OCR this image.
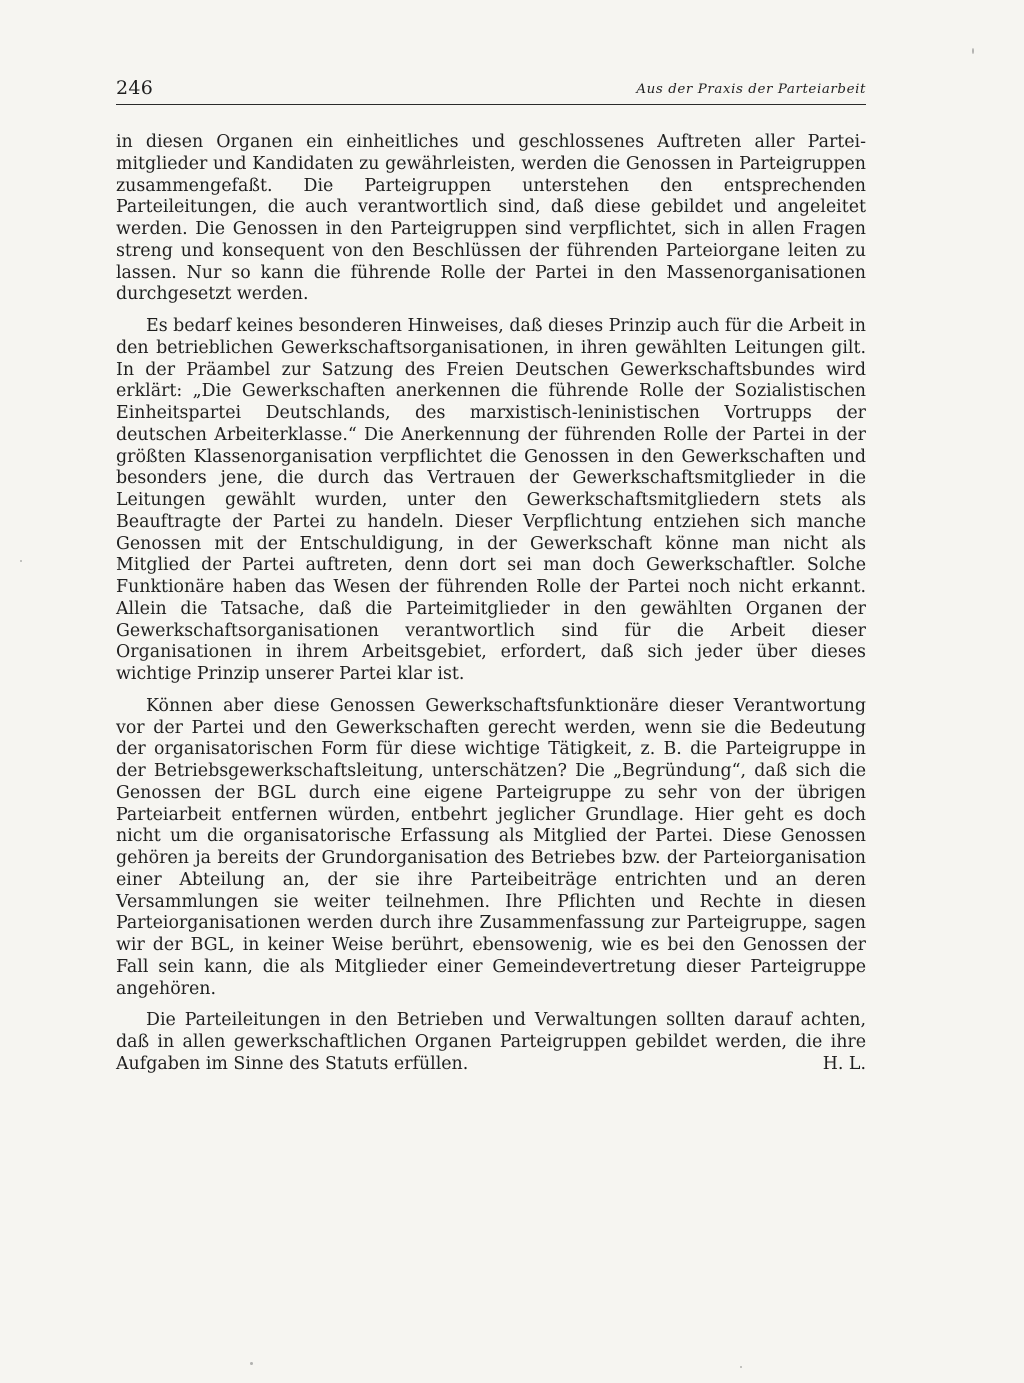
246	Aus der Praxis der Parteiarbeit

in diesen Organen ein einheitliches und geschlossenes Auftreten aller Parteimitglieder und Kandidaten zu gewährleisten, werden die Genossen in Parteigruppen zusammengefaßt. Die Parteigruppen unterstehen den entsprechenden Parteileitungen, die auch verantwortlich sind, daß diese gebildet und angeleitet werden. Die Genossen in den Parteigruppen sind verpflichtet, sich in allen Fragen streng und konsequent von den Beschlüssen der führenden Parteiorgane leiten zu lassen. Nur so kann die führende Rolle der Partei in den Massenorganisationen durchgesetzt werden.

Es bedarf keines besonderen Hinweises, daß dieses Prinzip auch für die Arbeit in den betrieblichen Gewerkschaftsorganisationen, in ihren gewählten Leitungen gilt. In der Präambel zur Satzung des Freien Deutschen Gewerkschaftsbundes wird erklärt: „Die Gewerkschaften anerkennen die führende Rolle der Sozialistischen Einheitspartei Deutschlands, des marxistisch-leninistischen Vortrupps der deutschen Arbeiterklasse.“ Die Anerkennung der führenden Rolle der Partei in der größten Klassenorganisation verpflichtet die Genossen in den Gewerkschaften und besonders jene, die durch das Vertrauen der Gewerkschaftsmitglieder in die Leitungen gewählt wurden, unter den Gewerkschaftsmitgliedern stets als Beauftragte der Partei zu handeln. Dieser Verpflichtung entziehen sich manche Genossen mit der Entschuldigung, in der Gewerkschaft könne man nicht als Mitglied der Partei auftreten, denn dort sei man doch Gewerkschaftler. Solche Funktionäre haben das Wesen der führenden Rolle der Partei noch nicht erkannt. Allein die Tatsache, daß die Parteimitglieder in den gewählten Organen der Gewerkschaftsorganisationen verantwortlich sind für die Arbeit dieser Organisationen in ihrem Arbeitsgebiet, erfordert, daß sich jeder über dieses wichtige Prinzip unserer Partei klar ist.

Können aber diese Genossen Gewerkschaftsfunktionäre dieser Verantwortung vor der Partei und den Gewerkschaften gerecht werden, wenn sie die Bedeutung der organisatorischen Form für diese wichtige Tätigkeit, z. B. die Parteigruppe in der Betriebsgewerkschaftsleitung, unterschätzen? Die „Begründung“, daß sich die Genossen der BGL durch eine eigene Parteigruppe zu sehr von der übrigen Parteiarbeit entfernen würden, entbehrt jeglicher Grundlage. Hier geht es doch nicht um die organisatorische Erfassung als Mitglied der Partei. Diese Genossen gehören ja bereits der Grundorganisation des Betriebes bzw. der Parteiorganisation einer Abteilung an, der sie ihre Parteibeiträge entrichten und an deren Versammlungen sie weiter teilnehmen. Ihre Pflichten und Rechte in diesen Parteiorganisationen werden durch ihre Zusammenfassung zur Parteigruppe, sagen wir der BGL, in keiner Weise berührt, ebensowenig, wie es bei den Genossen der Fall sein kann, die als Mitglieder einer Gemeindevertretung dieser Parteigruppe angehören.

Die Parteileitungen in den Betrieben und Verwaltungen sollten darauf achten, daß in allen gewerkschaftlichen Organen Parteigruppen gebildet werden, die ihre Aufgaben im Sinne des Statuts erfüllen.	H. L.
